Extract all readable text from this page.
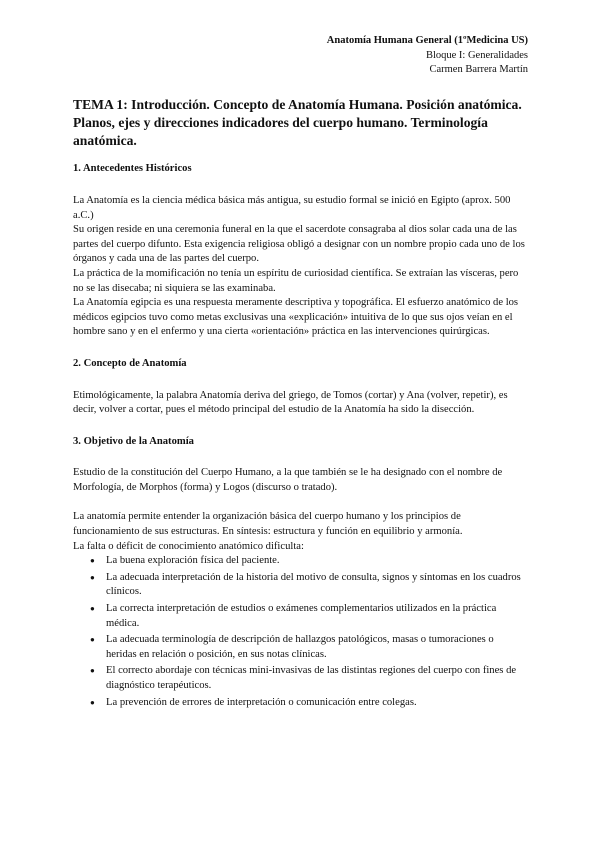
Anatomía Humana General (1ºMedicina US)
Bloque I: Generalidades
Carmen Barrera Martín
TEMA 1: Introducción. Concepto de Anatomía Humana. Posición anatómica. Planos, ejes y direcciones indicadores del cuerpo humano. Terminología anatómica.
1. Antecedentes Históricos

La Anatomía es la ciencia médica básica más antigua, su estudio formal se inició en Egipto (aprox. 500 a.C.)

Su origen reside en una ceremonia funeral en la que el sacerdote consagraba al dios solar cada una de las partes del cuerpo difunto. Esta exigencia religiosa obligó a designar con un nombre propio cada uno de los órganos y cada una de las partes del cuerpo.

La práctica de la momificación no tenía un espíritu de curiosidad científica. Se extraían las vísceras, pero no se las disecaba; ni siquiera se las examinaba.

La Anatomía egipcia es una respuesta meramente descriptiva y topográfica. El esfuerzo anatómico de los médicos egipcios tuvo como metas exclusivas una «explicación» intuitiva de lo que sus ojos veían en el hombre sano y en el enfermo y una cierta «orientación» práctica en las intervenciones quirúrgicas.

2. Concepto de Anatomía

Etimológicamente, la palabra Anatomía deriva del griego, de Tomos (cortar) y Ana (volver, repetir), es decir, volver a cortar, pues el método principal del estudio de la Anatomía ha sido la disección.

3. Objetivo de la Anatomía

Estudio de la constitución del Cuerpo Humano, a la que también se le ha designado con el nombre de Morfología, de Morphos (forma) y Logos (discurso o tratado).

La anatomía permite entender la organización básica del cuerpo humano y los principios de funcionamiento de sus estructuras. En síntesis: estructura y función en equilibrio y armonía.

La falta o déficit de conocimiento anatómico dificulta:

● La buena exploración física del paciente.
● La adecuada interpretación de la historia del motivo de consulta, signos y síntomas en los cuadros clínicos.
● La correcta interpretación de estudios o exámenes complementarios utilizados en la práctica médica.
● La adecuada terminología de descripción de hallazgos patológicos, masas o tumoraciones o heridas en relación o posición, en sus notas clínicas.
● El correcto abordaje con técnicas mini-invasivas de las distintas regiones del cuerpo con fines de diagnóstico terapéuticos.
● La prevención de errores de interpretación o comunicación entre colegas.
